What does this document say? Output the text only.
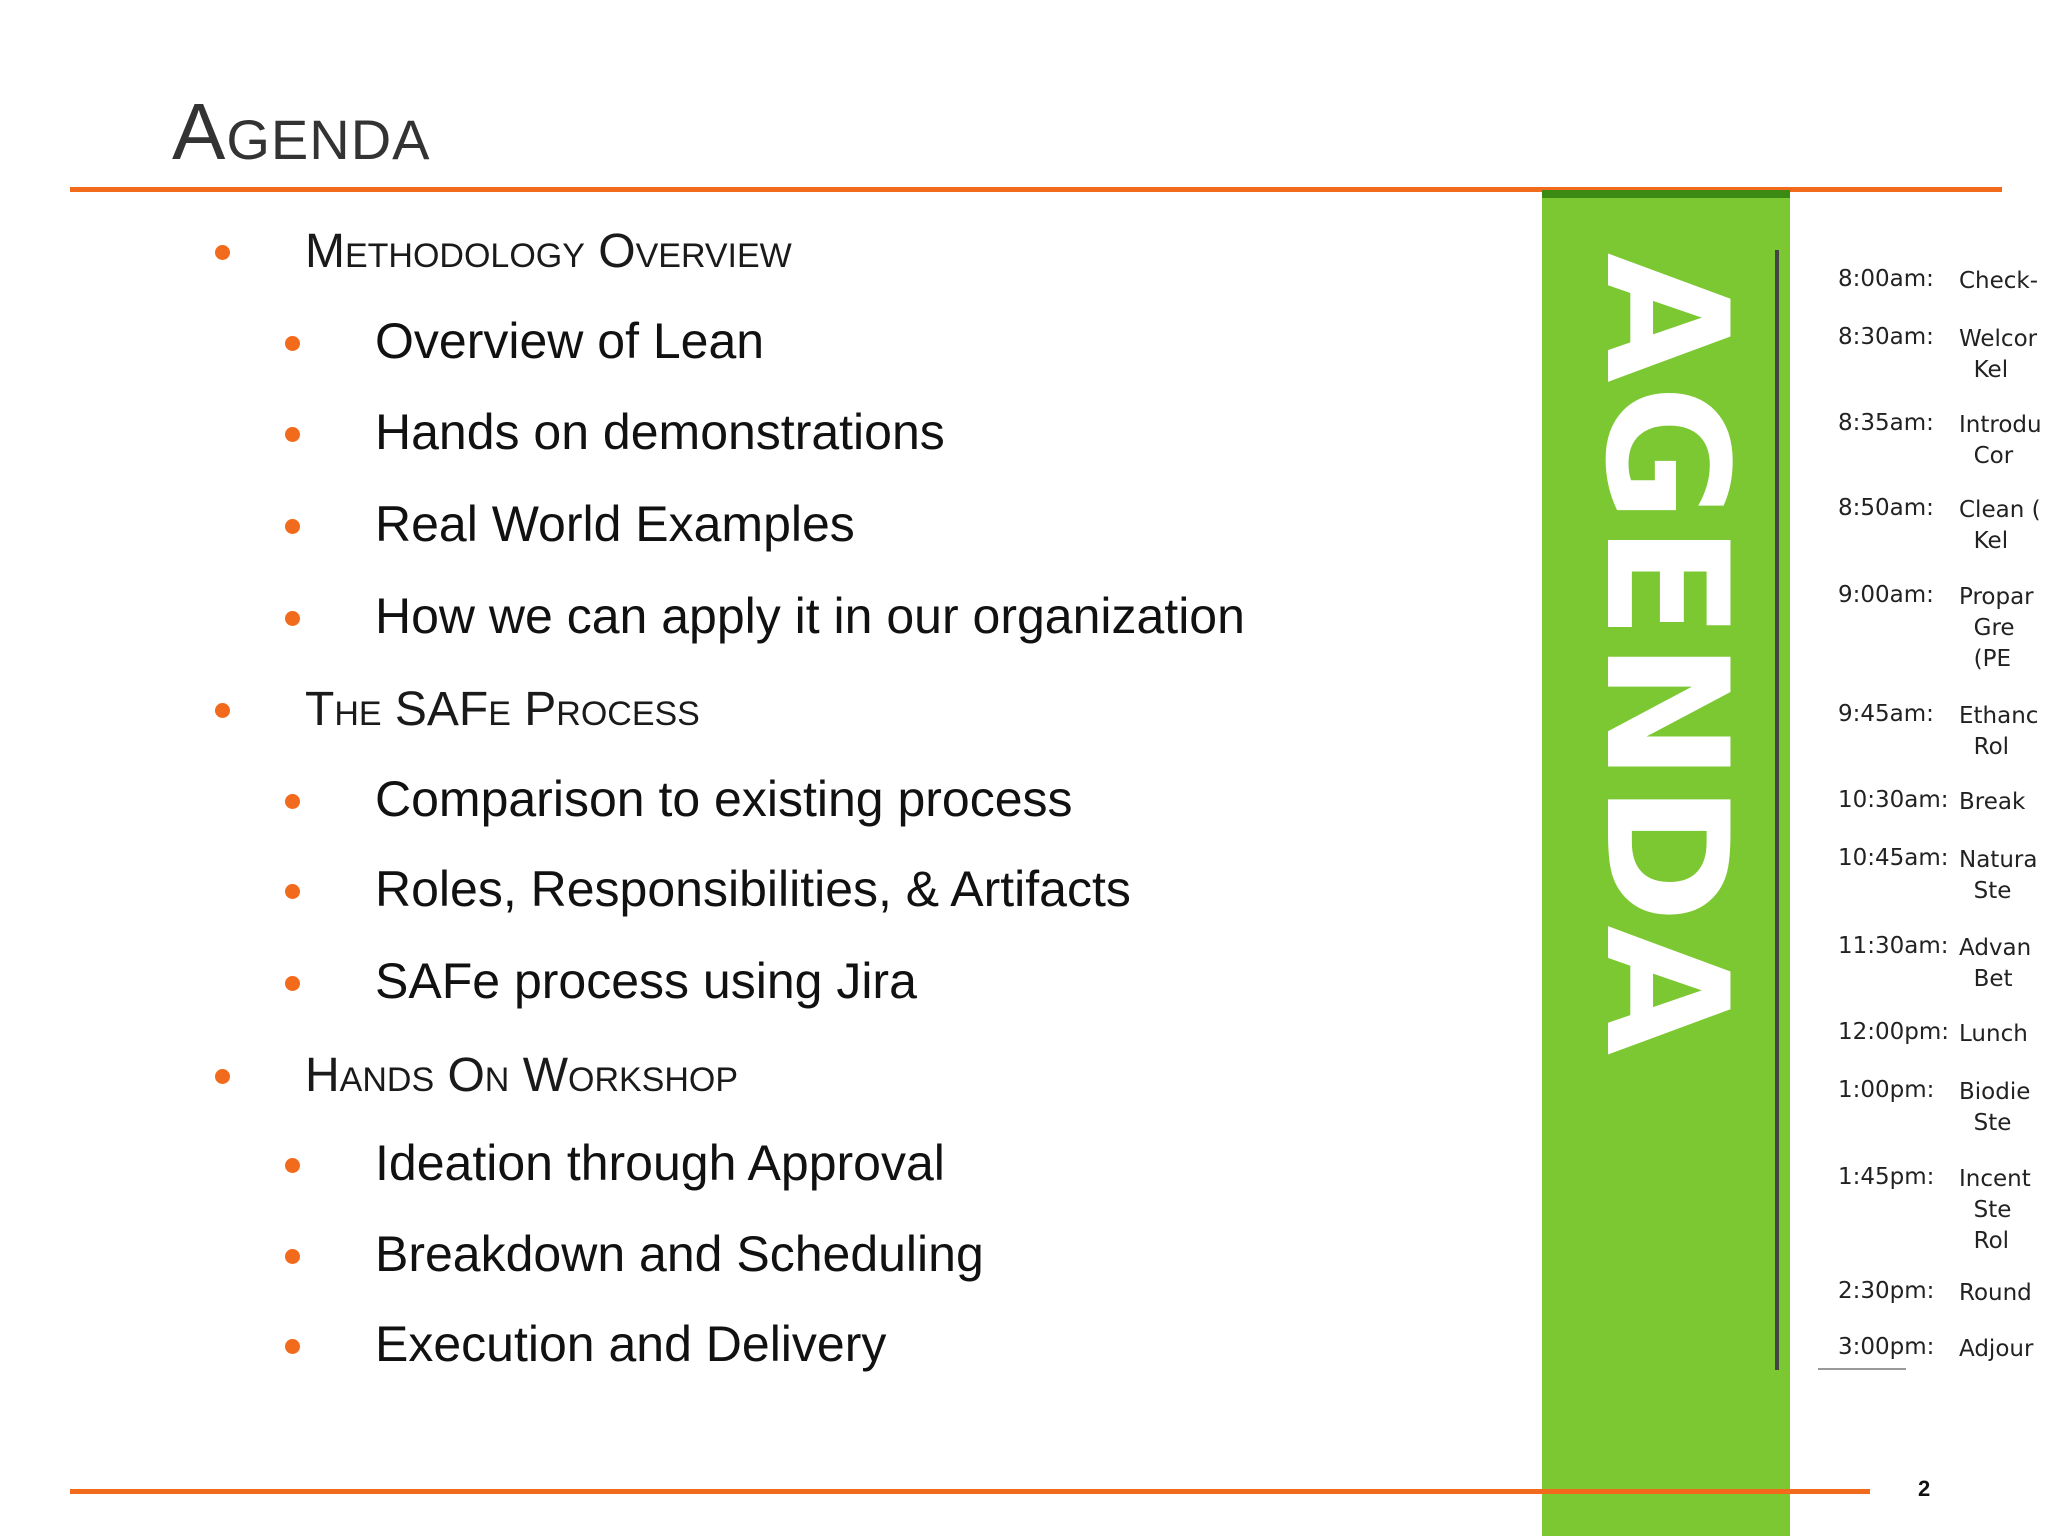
Agenda
Methodology Overview
Overview of Lean
Hands on demonstrations
Real World Examples
How we can apply it in our organization
The SAFe Process
Comparison to existing process
Roles, Responsibilities, & Artifacts
SAFe process using Jira
Hands On Workshop
Ideation through Approval
Breakdown and Scheduling
Execution and Delivery
AGENDA	8:00am: Check-
8:30am: Welcor
Kel
8:35am: Introdu
Cor
8:50am: Clean (
Kel
9:00am: Propar
Gre
(PE
9:45am: Ethanc
Rol
10:30am: Break
10:45am: Natura
Ste
11:30am: Advan
Bet
12:00pm: Lunch
1:00pm: Biodie
Ste
1:45pm: Incent
Ste
Rol
2:30pm: Round
3:00pm: Adjour
2
